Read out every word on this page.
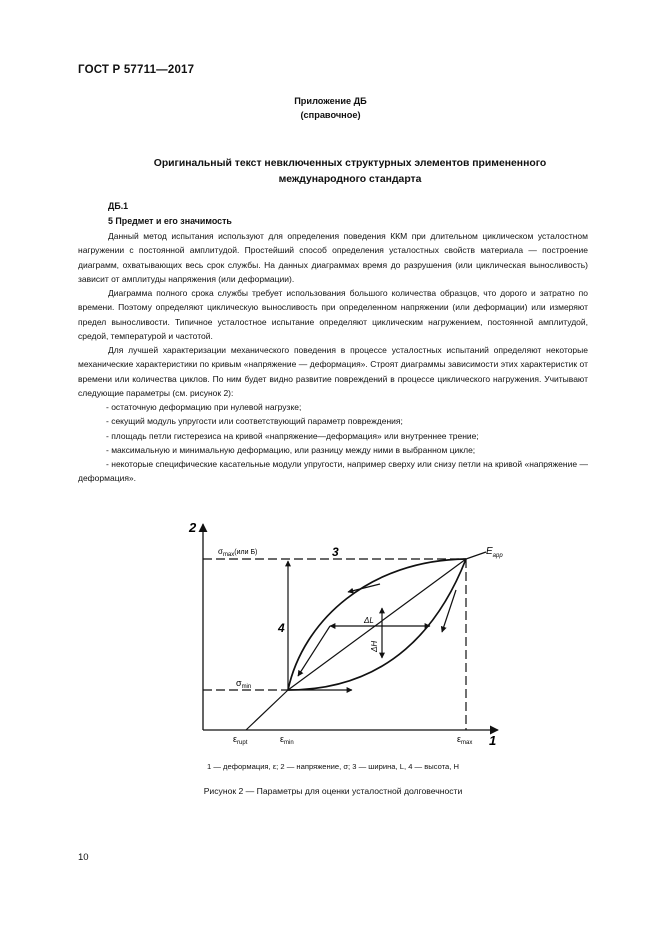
ГОСТ Р 57711—2017
Приложение ДБ
(справочное)
Оригинальный текст невключенных структурных элементов примененного международного стандарта
ДБ.1
5 Предмет и его значимость

Данный метод испытания используют для определения поведения ККМ при длительном циклическом усталостном нагружении с постоянной амплитудой. Простейший способ определения усталостных свойств материала — построение диаграмм, охватывающих весь срок службы. На данных диаграммах время до разрушения (или циклическая выносливость) зависит от амплитуды напряжения (или деформации).

Диаграмма полного срока службы требует использования большого количества образцов, что дорого и затратно по времени. Поэтому определяют циклическую выносливость при определенном напряжении (или деформации) или измеряют предел выносливости. Типичное усталостное испытание определяют циклическим нагружением, постоянной амплитудой, средой, температурой и частотой.

Для лучшей характеризации механического поведения в процессе усталостных испытаний определяют некоторые механические характеристики по кривым «напряжение — деформация». Строят диаграммы зависимости этих характеристик от времени или количества циклов. По ним будет видно развитие повреждений в процессе циклического нагружения. Учитывают следующие параметры (см. рисунок 2):

- остаточную деформацию при нулевой нагрузке;

- секущий модуль упругости или соответствующий параметр повреждения;

- площадь петли гистерезиса на кривой «напряжение—деформация» или внутреннее трение;

- максимальную и минимальную деформацию, или разницу между ними в выбранном цикле;

- некоторые специфические касательные модули упругости, например сверху или снизу петли на кривой «напряжение — деформация».

2
1
3
4
$\sigma_{max}(или$ Б)
$\sigma_{min}$
$\varepsilon_{rupt}$	$\varepsilon_{min}$	$\varepsilon_{max}$
$E_{app}$
ΔL
ΔH
1 — деформация, ε; 2 — напряжение, σ; 3 — ширина, L, 4 — высота, H
Рисунок 2 — Параметры для оценки усталостной долговечности
10
